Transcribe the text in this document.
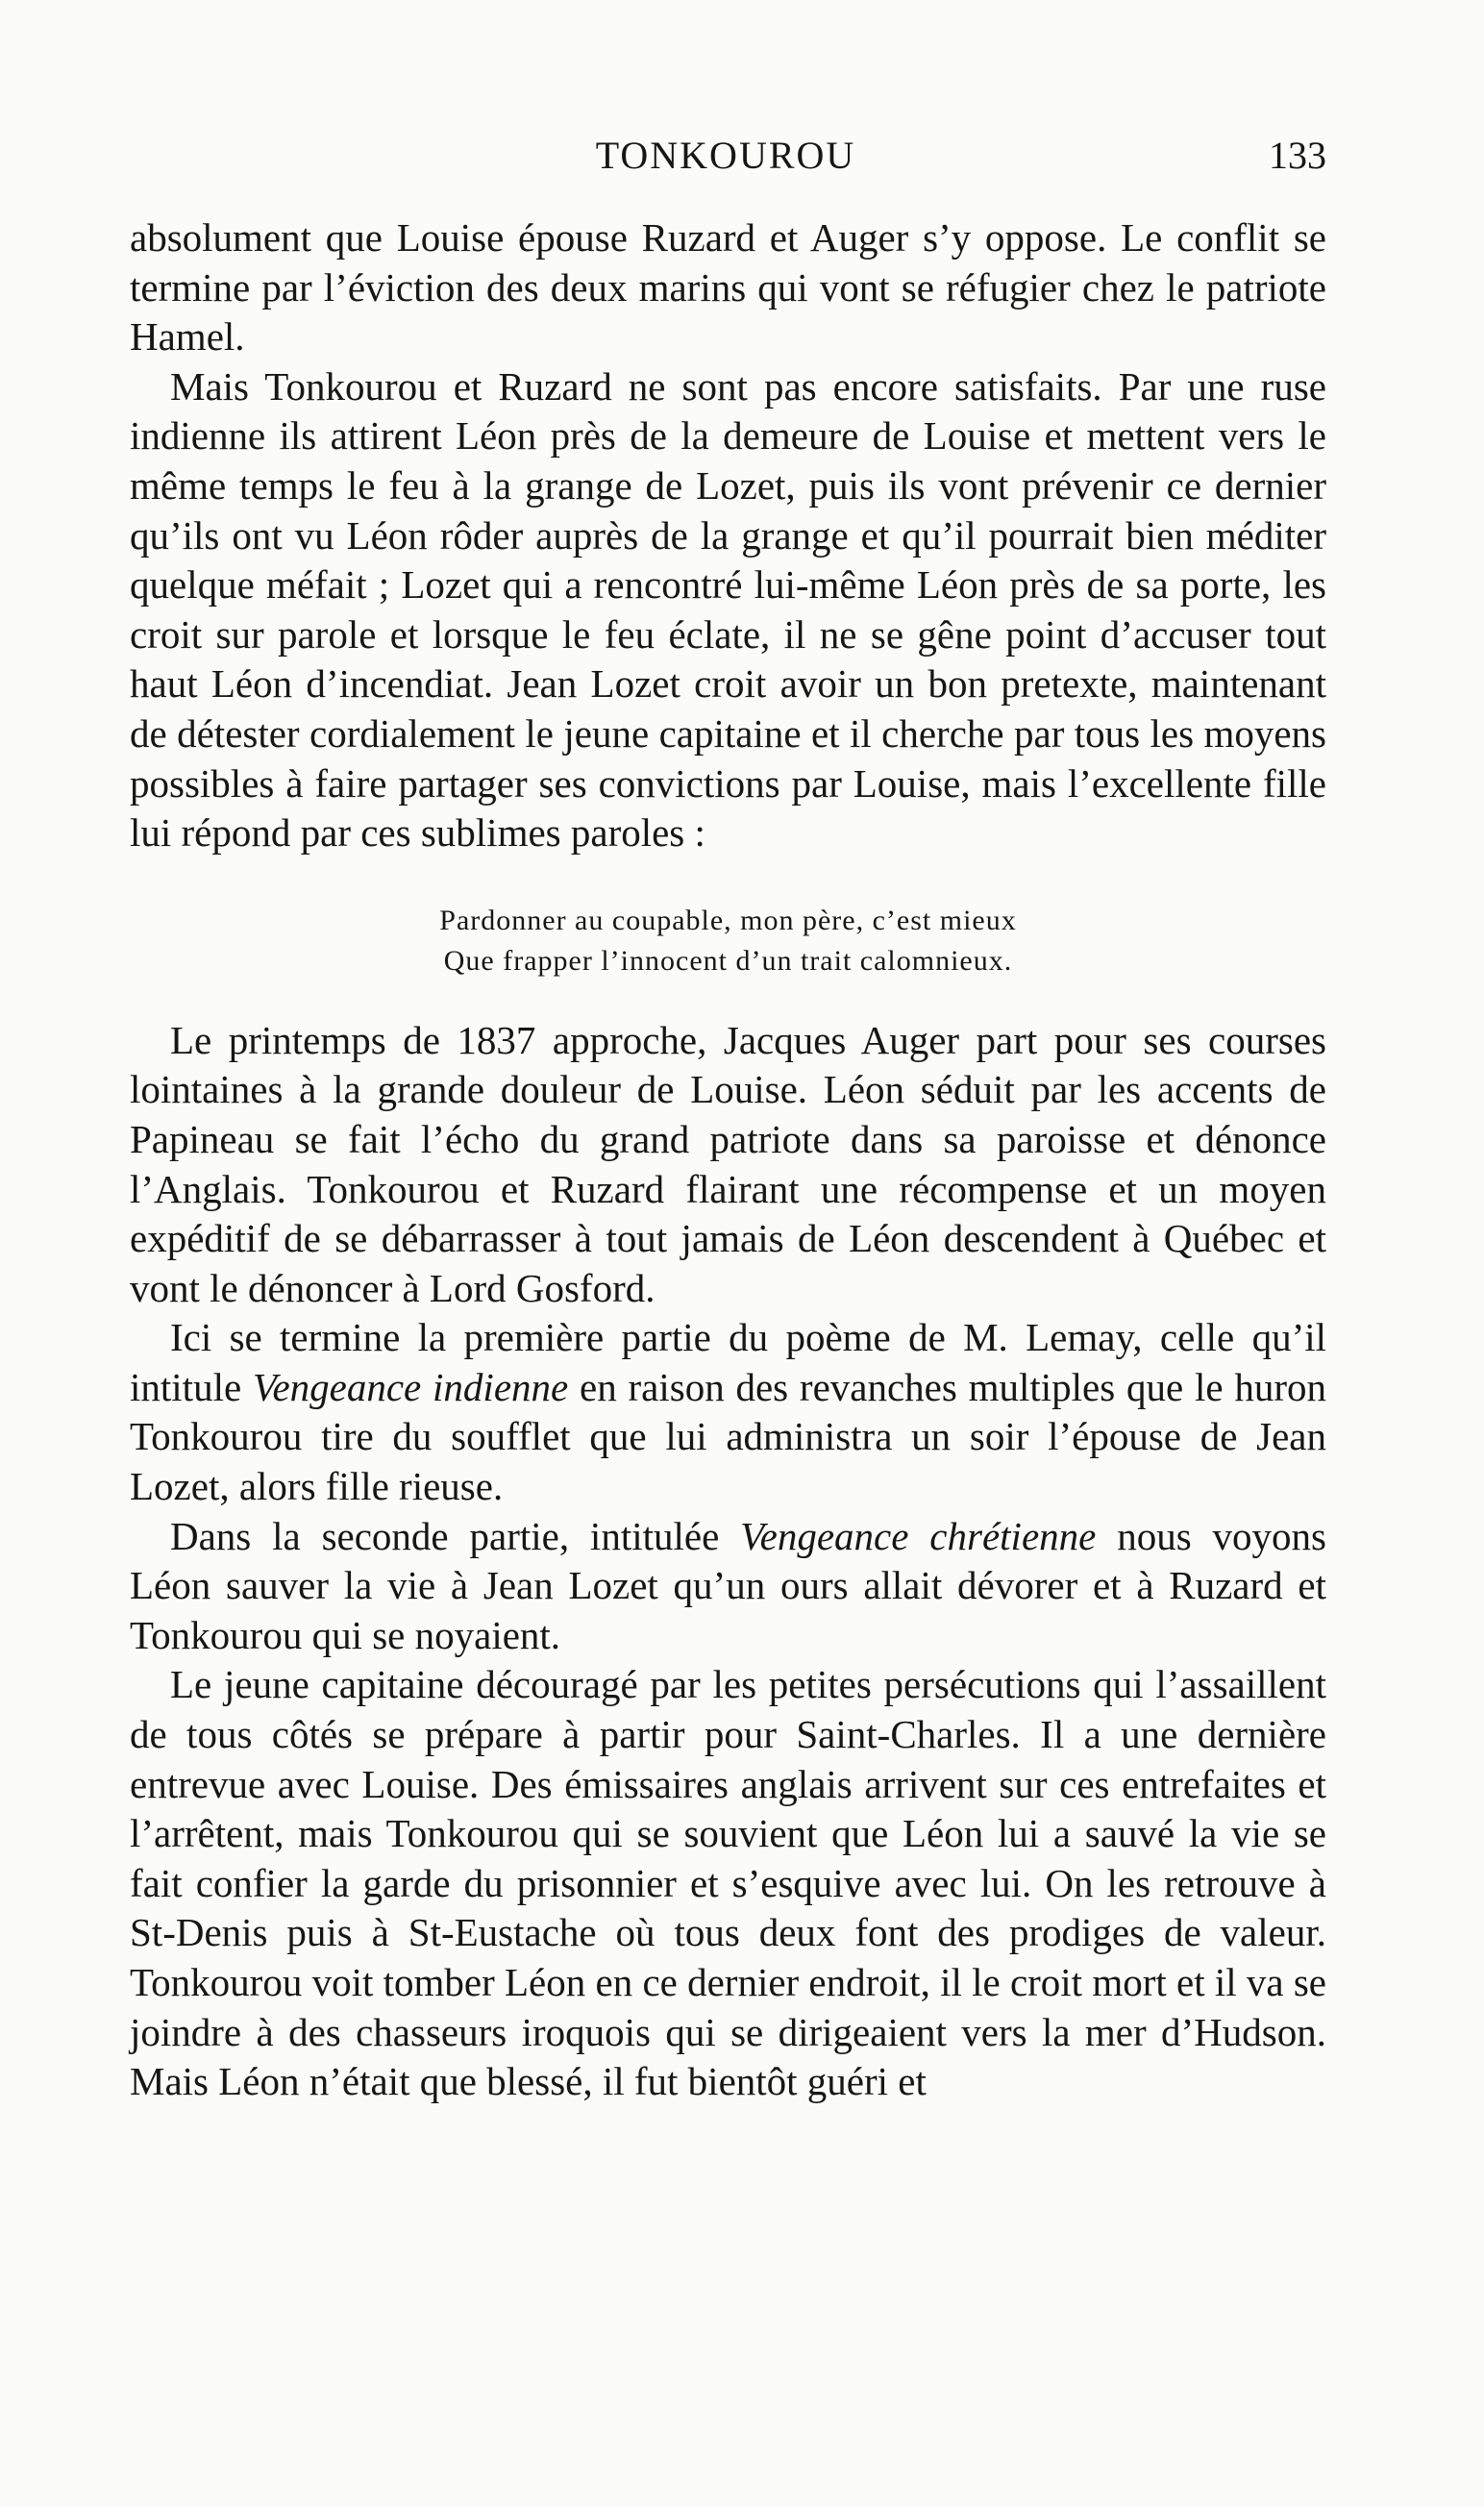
TONKOUROU	133

absolument que Louise épouse Ruzard et Auger s’y oppose. Le conflit se termine par l’éviction des deux marins qui vont se réfugier chez le patriote Hamel.

Mais Tonkourou et Ruzard ne sont pas encore satisfaits. Par une ruse indienne ils attirent Léon près de la demeure de Louise et mettent vers le même temps le feu à la grange de Lozet, puis ils vont prévenir ce dernier qu’ils ont vu Léon rôder auprès de la grange et qu’il pourrait bien méditer quelque méfait ; Lozet qui a rencontré lui-même Léon près de sa porte, les croit sur parole et lorsque le feu éclate, il ne se gêne point d’accuser tout haut Léon d’incendiat. Jean Lozet croit avoir un bon pretexte, maintenant de détester cordialement le jeune capitaine et il cherche par tous les moyens possibles à faire partager ses convictions par Louise, mais l’excellente fille lui répond par ces sublimes paroles :

Pardonner au coupable, mon père, c’est mieux
Que frapper l’innocent d’un trait calomnieux.

Le printemps de 1837 approche, Jacques Auger part pour ses courses lointaines à la grande douleur de Louise. Léon séduit par les accents de Papineau se fait l’écho du grand patriote dans sa paroisse et dénonce l’Anglais. Tonkourou et Ruzard flairant une récompense et un moyen expéditif de se débarrasser à tout jamais de Léon descendent à Québec et vont le dénoncer à Lord Gosford.

Ici se termine la première partie du poème de M. Lemay, celle qu’il intitule Vengeance indienne en raison des revanches multiples que le huron Tonkourou tire du soufflet que lui administra un soir l’épouse de Jean Lozet, alors fille rieuse.

Dans la seconde partie, intitulée Vengeance chrétienne nous voyons Léon sauver la vie à Jean Lozet qu’un ours allait dévorer et à Ruzard et Tonkourou qui se noyaient.

Le jeune capitaine découragé par les petites persécutions qui l’assaillent de tous côtés se prépare à partir pour Saint-Charles. Il a une dernière entrevue avec Louise. Des émissaires anglais arrivent sur ces entrefaites et l’arrêtent, mais Tonkourou qui se souvient que Léon lui a sauvé la vie se fait confier la garde du prisonnier et s’esquive avec lui. On les retrouve à St-Denis puis à St-Eustache où tous deux font des prodiges de valeur. Tonkourou voit tomber Léon en ce dernier endroit, il le croit mort et il va se joindre à des chasseurs iroquois qui se dirigeaient vers la mer d’Hudson. Mais Léon n’était que blessé, il fut bientôt guéri et
